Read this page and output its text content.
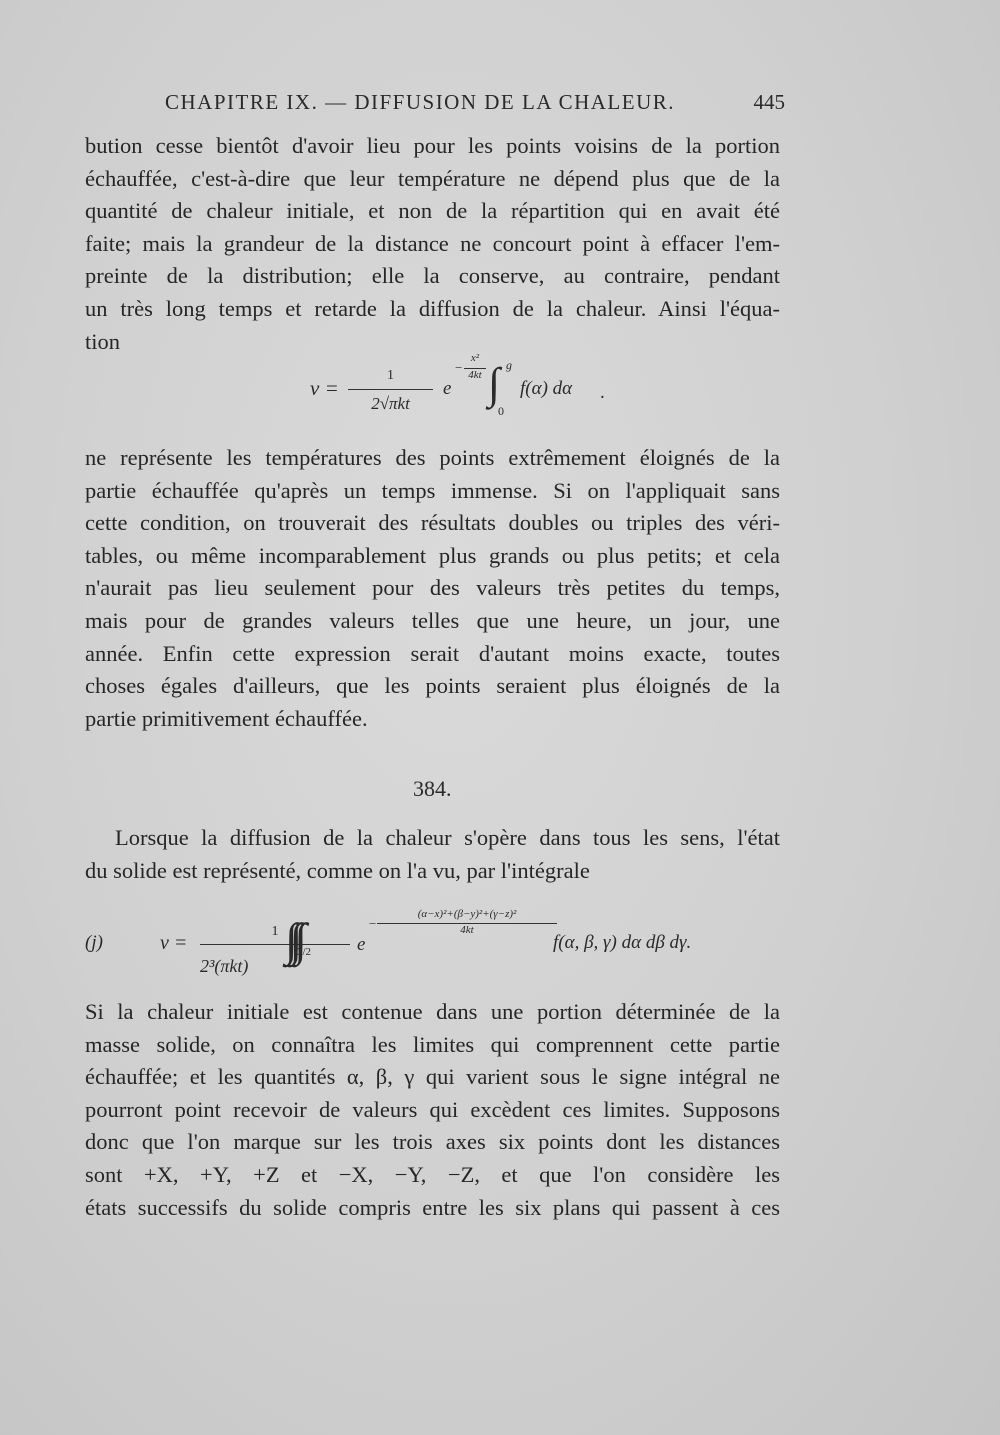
CHAPITRE IX. — DIFFUSION DE LA CHALEUR.	445
bution cesse bientôt d'avoir lieu pour les points voisins de la portion
échauffée, c'est-à-dire que leur température ne dépend plus que de la
quantité de chaleur initiale, et non de la répartition qui en avait été
faite; mais la grandeur de la distance ne concourt point à effacer l'em-
preinte de la distribution; elle la conserve, au contraire, pendant
un très long temps et retarde la diffusion de la chaleur. Ainsi l'équa-
tion
v =
1
2√πkt
e
−
x²
4kt ∫ g
0
f(α) dα .
ne représente les températures des points extrêmement éloignés de la
partie échauffée qu'après un temps immense. Si on l'appliquait sans
cette condition, on trouverait des résultats doubles ou triples des véri-
tables, ou même incomparablement plus grands ou plus petits; et cela
n'aurait pas lieu seulement pour des valeurs très petites du temps,
mais pour de grandes valeurs telles que une heure, un jour, une
année. Enfin cette expression serait d'autant moins exacte, toutes
choses égales d'ailleurs, que les points seraient plus éloignés de la
partie primitivement échauffée.
384.
Lorsque la diffusion de la chaleur s'opère dans tous les sens, l'état
du solide est représenté, comme on l'a vu, par l'intégrale
(j)	v =
1
2³(πkt)
3/2
∫∫∫	e
−
(α−x)²+(β−y)²+(γ−z)²
4kt
f(α, β, γ) dα dβ dγ.
Si la chaleur initiale est contenue dans une portion déterminée de la
masse solide, on connaîtra les limites qui comprennent cette partie
échauffée; et les quantités α, β, γ qui varient sous le signe intégral ne
pourront point recevoir de valeurs qui excèdent ces limites. Supposons
donc que l'on marque sur les trois axes six points dont les distances
sont +X, +Y, +Z et −X, −Y, −Z, et que l'on considère les
états successifs du solide compris entre les six plans qui passent à ces
